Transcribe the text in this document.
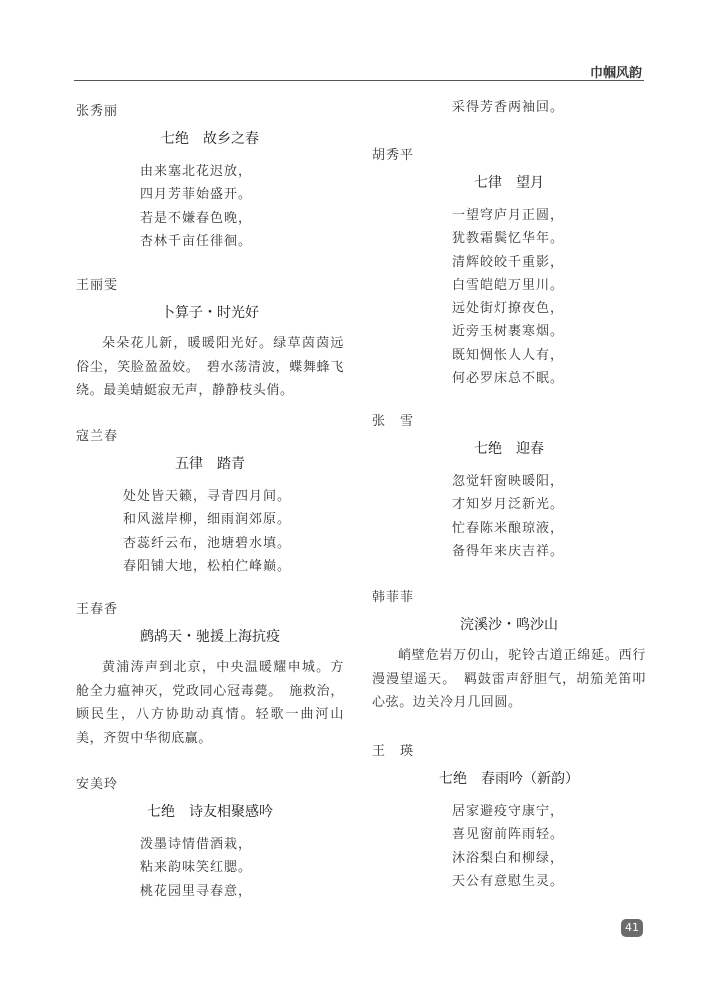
巾帼风韵
张秀丽
七绝　故乡之春
由来塞北花迟放，
四月芳菲始盛开。
若是不嫌春色晚，
杏林千亩任徘徊。
王丽雯
卜算子・时光好
朵朵花儿新，暖暖阳光好。绿草茵茵远俗尘，笑脸盈盈姣。　碧水荡清波，蝶舞蜂飞绕。最美蜻蜓寂无声，静静枝头俏。
寇兰春
五律　踏青
处处皆天籁，寻青四月间。
和风滋岸柳，细雨润郊原。
杏蕊纤云布，池塘碧水填。
春阳铺大地，松柏伫峰巅。
王春香
鹧鸪天・驰援上海抗疫
黄浦涛声到北京，中央温暖耀申城。方舱全力瘟神灭，党政同心冠毒薨。　施救治，顾民生，八方协助动真情。轻歌一曲河山美，齐贺中华彻底赢。
安美玲
七绝　诗友相聚感吟
泼墨诗情借酒栽，
粘来韵味笑红腮。
桃花园里寻春意，
采得芳香两袖回。
胡秀平
七律　望月
一望穹庐月正圆，
犹教霜鬓忆华年。
清辉皎皎千重影，
白雪皑皑万里川。
远处街灯撩夜色，
近旁玉树裹寒烟。
既知惆怅人人有，
何必罗床总不眠。
张　雪
七绝　迎春
忽觉轩窗映暖阳，
才知岁月泛新光。
忙春陈米酿琼液，
备得年来庆吉祥。
韩菲菲
浣溪沙・鸣沙山
峭壁危岩万仞山，驼铃古道正绵延。西行漫漫望遥天。　羁鼓雷声舒胆气，胡笳羌笛叩心弦。边关冷月几回圆。
王　瑛
七绝　春雨吟（新韵）
居家避疫守康宁，
喜见窗前阵雨轻。
沐浴梨白和柳绿，
天公有意慰生灵。
41
